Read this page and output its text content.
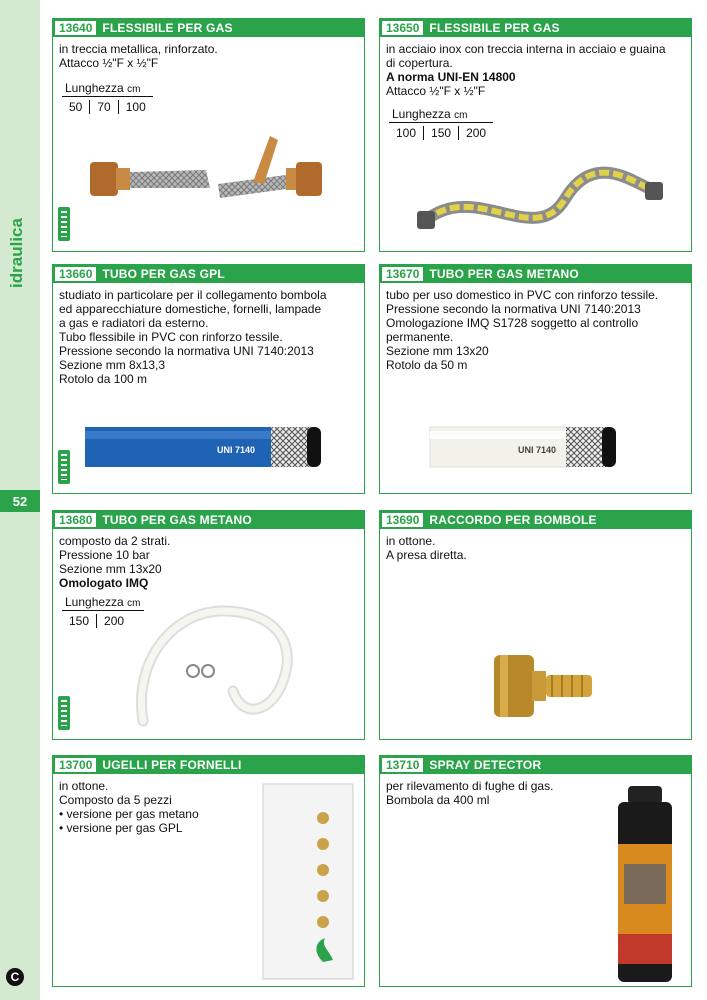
idraulica
52
C
13640 FLESSIBILE PER GAS
in treccia metallica, rinforzato.
Attacco ½"F x ½"F
Lunghezza cm
50	70	100
13650 FLESSIBILE PER GAS
in acciaio inox con treccia interna in acciaio e guaina
di copertura.
A norma UNI-EN 14800
Attacco ½"F x ½"F
Lunghezza cm
100	150	200
13660 TUBO PER GAS GPL
studiato in particolare per il collegamento bombola
ed apparecchiature domestiche, fornelli, lampade
a gas e radiatori da esterno.
Tubo flessibile in PVC con rinforzo tessile.
Pressione secondo la normativa UNI 7140:2013
Sezione mm 8x13,3
Rotolo da 100 m
UNI 7140
13670 TUBO PER GAS METANO
tubo per uso domestico in PVC con rinforzo tessile.
Pressione secondo la normativa UNI 7140:2013
Omologazione IMQ S1728 soggetto al controllo
permanente.
Sezione mm 13x20
Rotolo da 50 m
UNI 7140
13680 TUBO PER GAS METANO
composto da 2 strati.
Pressione 10 bar
Sezione mm 13x20
Omologato IMQ
Lunghezza cm
150	200
13690 RACCORDO PER BOMBOLE
in ottone.
A presa diretta.
13700 UGELLI PER FORNELLI
in ottone.
Composto da 5 pezzi
• versione per gas metano
• versione per gas GPL
13710 SPRAY DETECTOR
per rilevamento di fughe di gas.
Bombola da 400 ml
